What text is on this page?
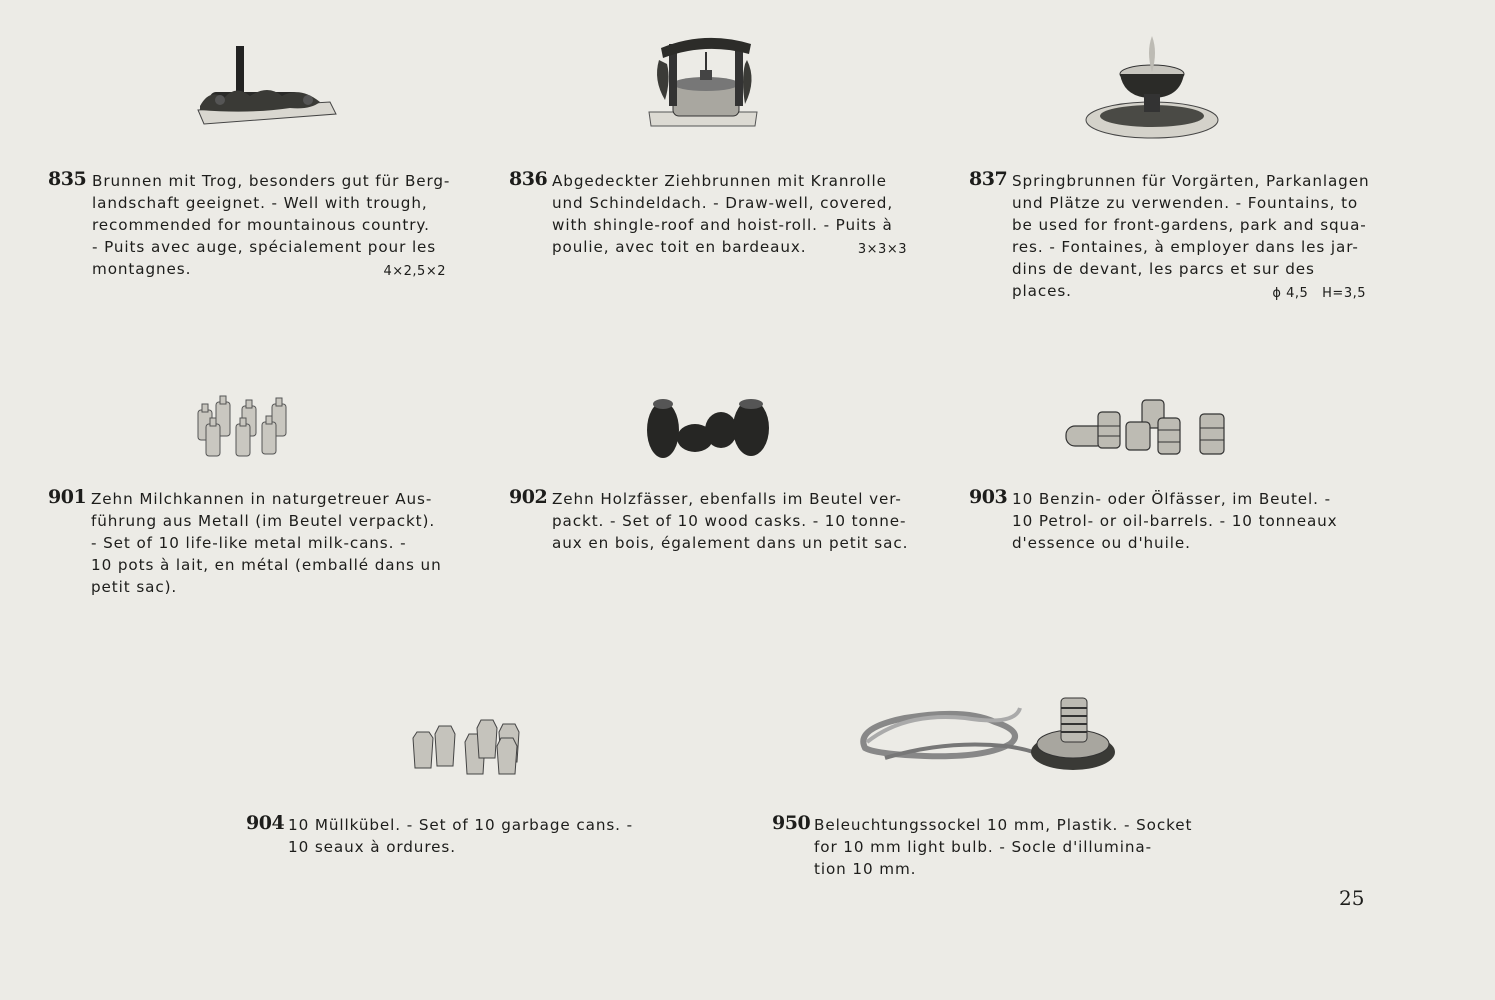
835 Brunnen mit Trog, besonders gut für Berg-
landschaft geeignet. - Well with trough,
recommended for mountainous country.
- Puits avec auge, spécialement pour les
montagnes.	4×2,5×2
836 Abgedeckter Ziehbrunnen mit Kranrolle
und Schindeldach. - Draw-well, covered,
with shingle-roof and hoist-roll. - Puits à
poulie, avec toit en bardeaux.	3×3×3
837 Springbrunnen für Vorgärten, Parkanlagen
und Plätze zu verwenden. - Fountains, to
be used for front-gardens, park and squa-
res. - Fontaines, à employer dans les jar-
dins de devant, les parcs et sur des
places.	ϕ 4,5   H=3,5
901 Zehn Milchkannen in naturgetreuer Aus-
führung aus Metall (im Beutel verpackt).
- Set of 10 life-like metal milk-cans. -
10 pots à lait, en métal (emballé dans un
petit sac).
902 Zehn Holzfässer, ebenfalls im Beutel ver-
packt. - Set of 10 wood casks. - 10 tonne-
aux en bois, également dans un petit sac.
903 10 Benzin- oder Ölfässer, im Beutel. -
10 Petrol- or oil-barrels. - 10 tonneaux
d'essence ou d'huile.
904 10 Müllkübel. - Set of 10 garbage cans. -
10 seaux à ordures.
950 Beleuchtungssockel 10 mm, Plastik. - Socket
for 10 mm light bulb. - Socle d'illumina-
tion 10 mm.
25
